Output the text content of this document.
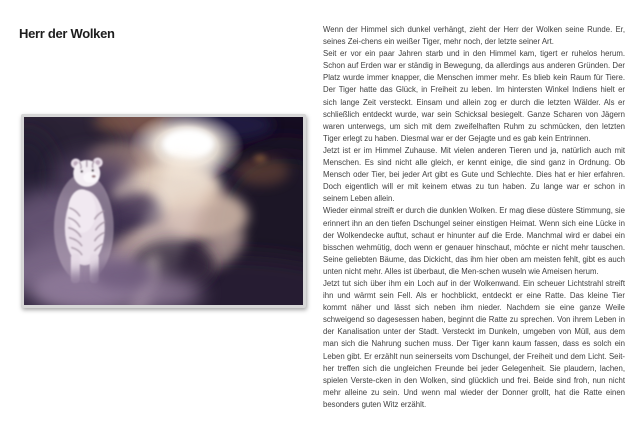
Herr der Wolken	Wenn der Himmel sich dunkel verhängt, zieht der Herr der Wolken seine Runde. Er, seines Zei-chens ein weißer Tiger, mehr noch, der letzte seiner Art.

Seit er vor ein paar Jahren starb und in den Himmel kam, tigert er ruhelos herum. Schon auf Erden war er ständig in Bewegung, da allerdings aus anderen Gründen. Der Platz wurde immer knapper, die Menschen immer mehr. Es blieb kein Raum für Tiere. Der Tiger hatte das Glück, in Freiheit zu leben. Im hintersten Winkel Indiens hielt er sich lange Zeit versteckt. Einsam und allein zog er durch die letzten Wälder. Als er schließlich entdeckt wurde, war sein Schicksal besiegelt. Ganze Scharen von Jägern waren unterwegs, um sich mit dem zweifelhaften Ruhm zu schmücken, den letzten Tiger erlegt zu haben. Diesmal war er der Gejagte und es gab kein Entrinnen.

Jetzt ist er im Himmel Zuhause. Mit vielen anderen Tieren und ja, natürlich auch mit Menschen. Es sind nicht alle gleich, er kennt einige, die sind ganz in Ordnung. Ob Mensch oder Tier, bei jeder Art gibt es Gute und Schlechte. Dies hat er hier erfahren. Doch eigentlich will er mit keinem etwas zu tun haben. Zu lange war er schon in seinem Leben allein.

Wieder einmal streift er durch die dunklen Wolken. Er mag diese düstere Stimmung, sie erinnert ihn an den tiefen Dschungel seiner einstigen Heimat. Wenn sich eine Lücke in der Wolkendecke auftut, schaut er hinunter auf die Erde. Manchmal wird er dabei ein bisschen wehmütig, doch wenn er genauer hinschaut, möchte er nicht mehr tauschen. Seine geliebten Bäume, das Dickicht, das ihm hier oben am meisten fehlt, gibt es auch unten nicht mehr. Alles ist überbaut, die Men-schen wuseln wie Ameisen herum.

Jetzt tut sich über ihm ein Loch auf in der Wolkenwand. Ein scheuer Lichtstrahl streift ihn und wärmt sein Fell. Als er hochblickt, entdeckt er eine Ratte. Das kleine Tier kommt näher und lässt sich neben ihm nieder. Nachdem sie eine ganze Weile schweigend so dagesessen haben, beginnt die Ratte zu sprechen. Von ihrem Leben in der Kanalisation unter der Stadt. Versteckt im Dunkeln, umgeben von Müll, aus dem man sich die Nahrung suchen muss. Der Tiger kann kaum fassen, dass es solch ein Leben gibt. Er erzählt nun seinerseits vom Dschungel, der Freiheit und dem Licht. Seit-her treffen sich die ungleichen Freunde bei jeder Gelegenheit. Sie plaudern, lachen, spielen Verste-cken in den Wolken, sind glücklich und frei. Beide sind froh, nun nicht mehr alleine zu sein. Und wenn mal wieder der Donner grollt, hat die Ratte einen besonders guten Witz erzählt.
